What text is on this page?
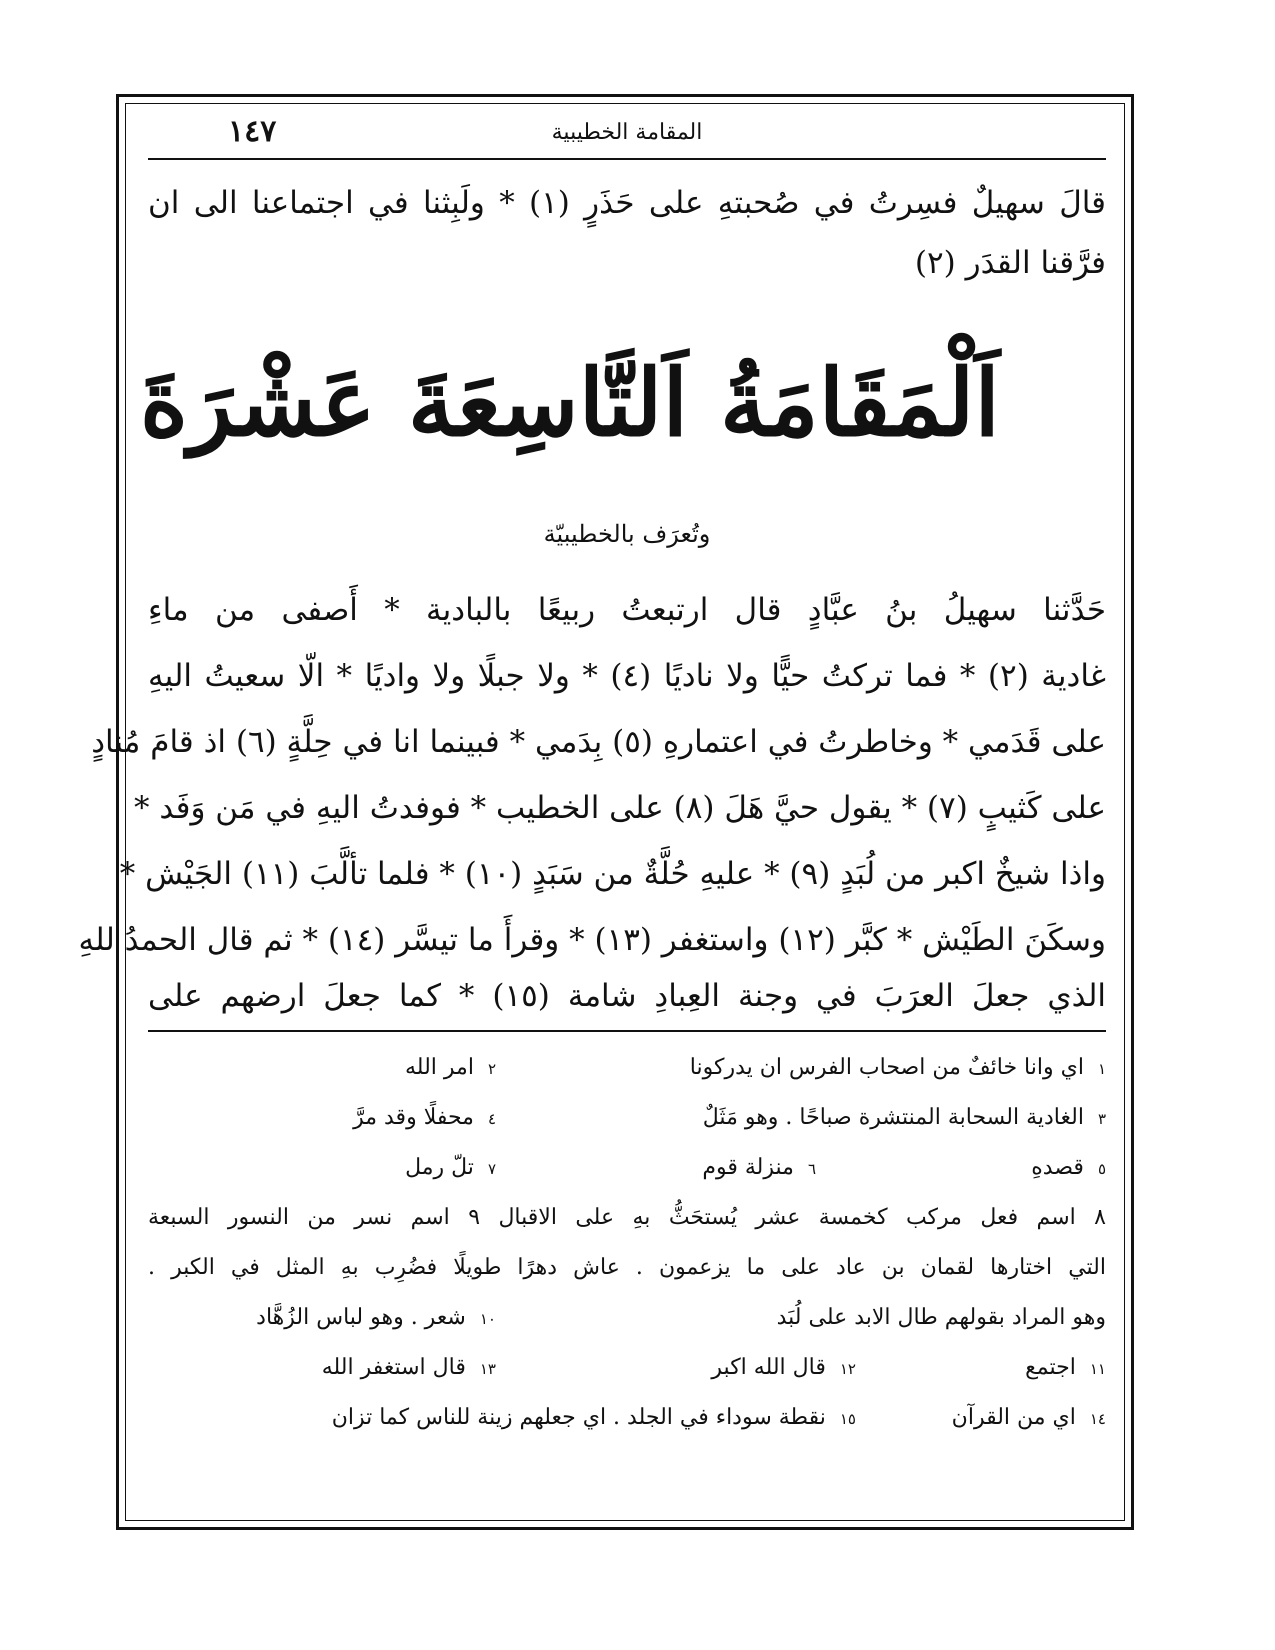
المقامة الخطيبية
١٤٧
قالَ سهيلٌ فسِرتُ في صُحبتهِ على حَذَرٍ (١) * ولَبِثنا في اجتماعنا الى ان
فرَّقنا القدَر (٢)
اَلْمَقَامَةُ اَلتَّاسِعَةَ عَشْرَةَ
وتُعرَف بالخطيبيّة
حَدَّثنا سهيلُ بنُ عبَّادٍ قال ارتبعتُ ربيعًا بالبادية * أَصفى من ماءِ
غادية (٢) * فما تركتُ حيًّا ولا ناديًا (٤) * ولا جبلًا ولا واديًا * الّا سعيتُ اليهِ
على قَدَمي * وخاطرتُ في اعتمارهِ (٥) بِدَمي * فبينما انا في حِلَّةٍ (٦) اذ قامَ مُنادٍ
على كَثيبٍ (٧) * يقول حيَّ هَلَ (٨) على الخطيب * فوفدتُ اليهِ في مَن وَفَد *
واذا شيخٌ اكبر من لُبَدٍ (٩) * عليهِ حُلَّةٌ من سَبَدٍ (١٠) * فلما تألَّبَ (١١) الجَيْش *
وسكَنَ الطَيْش * كبَّر (١٢) واستغفر (١٣) * وقرأَ ما تيسَّر (١٤) * ثم قال الحمدُ للهِ
الذي جعلَ العرَبَ في وجنة العِبادِ شامة (١٥) * كما جعلَ ارضهم على
١اي وانا خائفٌ من اصحاب الفرس ان يدركونا
٢امر الله
٣الغادية السحابة المنتشرة صباحًا . وهو مَثَلٌ
٤محفلًا وقد مرَّ
٥قصدهِ
٦منزلة قوم
٧تلّ رمل
٨ اسم فعل مركب كخمسة عشر يُستحَثُّ بهِ على الاقبال ٩ اسم نسر من النسور السبعة
التي اختارها لقمان بن عاد على ما يزعمون . عاش دهرًا طويلًا فضُرِب بهِ المثل في الكبر .
وهو المراد بقولهم طال الابد على لُبَد
١٠شعر . وهو لباس الزُهَّاد
١١اجتمع
١٢قال الله اكبر
١٣قال استغفر الله
١٤اي من القرآن
١٥نقطة سوداء في الجلد . اي جعلهم زينة للناس كما تزان
